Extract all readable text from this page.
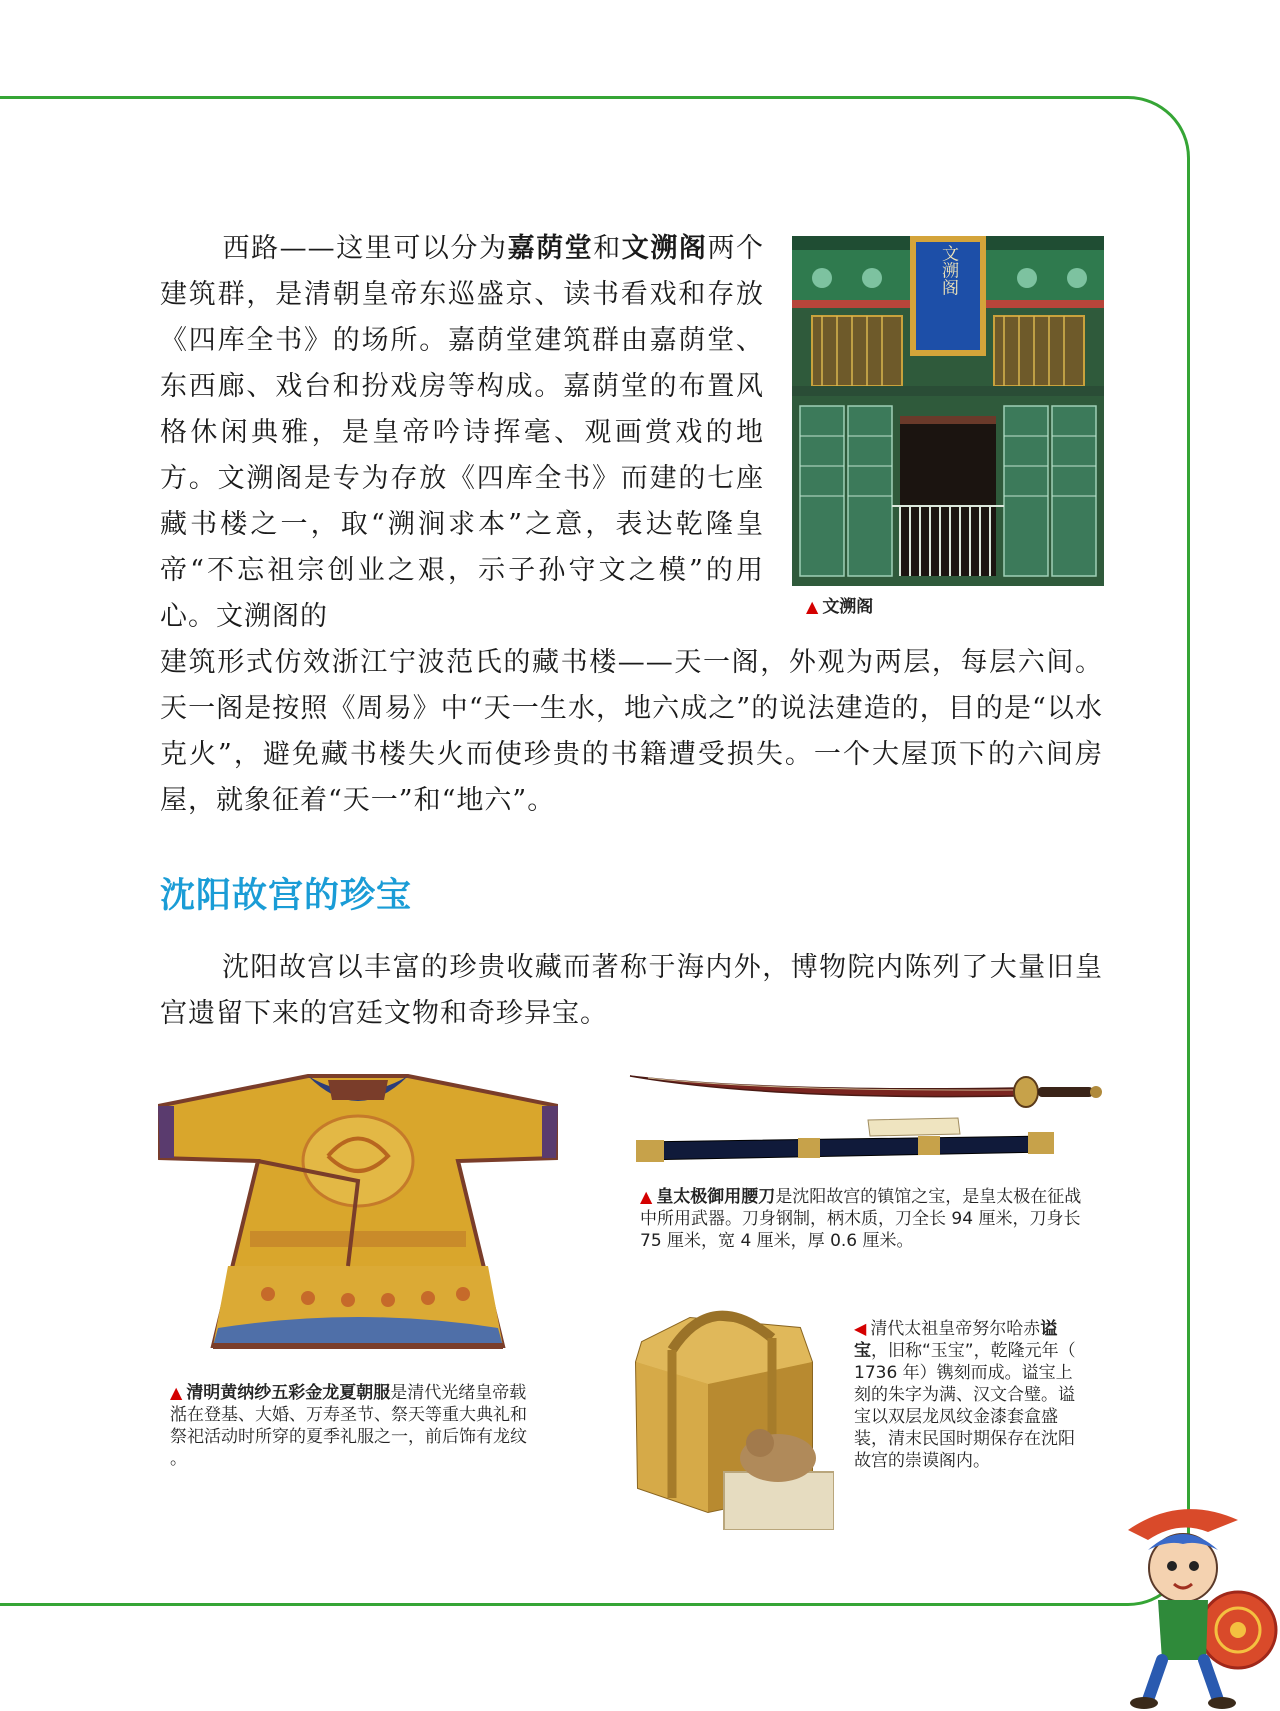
西路——这里可以分为嘉荫堂和文溯阁两个建筑群，是清朝皇帝东巡盛京、读书看戏和存放《四库全书》的场所。嘉荫堂建筑群由嘉荫堂、东西廊、戏台和扮戏房等构成。嘉荫堂的布置风格休闲典雅，是皇帝吟诗挥毫、观画赏戏的地方。文溯阁是专为存放《四库全书》而建的七座藏书楼之一，取“溯涧求本”之意，表达乾隆皇帝“不忘祖宗创业之艰，示子孙守文之模”的用心。文溯阁的

文溯阁

▲ 文溯阁

建筑形式仿效浙江宁波范氏的藏书楼——天一阁，外观为两层，每层六间。天一阁是按照《周易》中“天一生水，地六成之”的说法建造的，目的是“以水克火”，避免藏书楼失火而使珍贵的书籍遭受损失。一个大屋顶下的六间房屋，就象征着“天一”和“地六”。

沈阳故宫的珍宝

沈阳故宫以丰富的珍贵收藏而著称于海内外，博物院内陈列了大量旧皇宫遗留下来的宫廷文物和奇珍异宝。

▲ 清明黄纳纱五彩金龙夏朝服是清代光绪皇帝载湉在登基、大婚、万寿圣节、祭天等重大典礼和祭祀活动时所穿的夏季礼服之一，前后饰有龙纹 。

▲ 皇太极御用腰刀是沈阳故宫的镇馆之宝，是皇太极在征战中所用武器。刀身钢制，柄木质，刀全长 94 厘米，刀身长 75 厘米，宽 4 厘米，厚 0.6 厘米。

◀ 清代太祖皇帝努尔哈赤谥宝，旧称“玉宝”，乾隆元年（ 1736 年）镌刻而成。谥宝上刻的朱字为满、汉文合璧。谥宝以双层龙凤纹金漆套盒盛装，清末民国时期保存在沈阳故宫的崇谟阁内。
